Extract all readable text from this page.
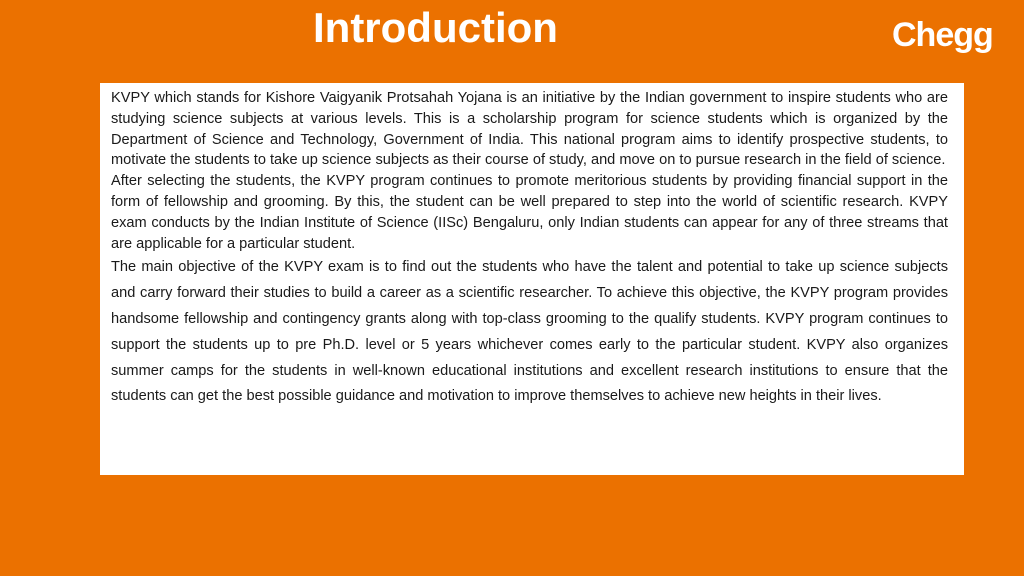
Introduction	Chegg

KVPY which stands for Kishore Vaigyanik Protsahah Yojana is an initiative by the Indian government to inspire students who are studying science subjects at various levels. This is a scholarship program for science students which is organized by the Department of Science and Technology, Government of India. This national program aims to identify prospective students, to motivate the students to take up science subjects as their course of study, and move on to pursue research in the field of science.

After selecting the students, the KVPY program continues to promote meritorious students by providing financial support in the form of fellowship and grooming. By this, the student can be well prepared to step into the world of scientific research. KVPY exam conducts by the Indian Institute of Science (IISc) Bengaluru, only Indian students can appear for any of three streams that are applicable for a particular student.

The main objective of the KVPY exam is to find out the students who have the talent and potential to take up science subjects and carry forward their studies to build a career as a scientific researcher. To achieve this objective, the KVPY program provides handsome fellowship and contingency grants along with top-class grooming to the qualify students. KVPY program continues to support the students up to pre Ph.D. level or 5 years whichever comes early to the particular student. KVPY also organizes summer camps for the students in well-known educational institutions and excellent research institutions to ensure that the students can get the best possible guidance and motivation to improve themselves to achieve new heights in their lives.
